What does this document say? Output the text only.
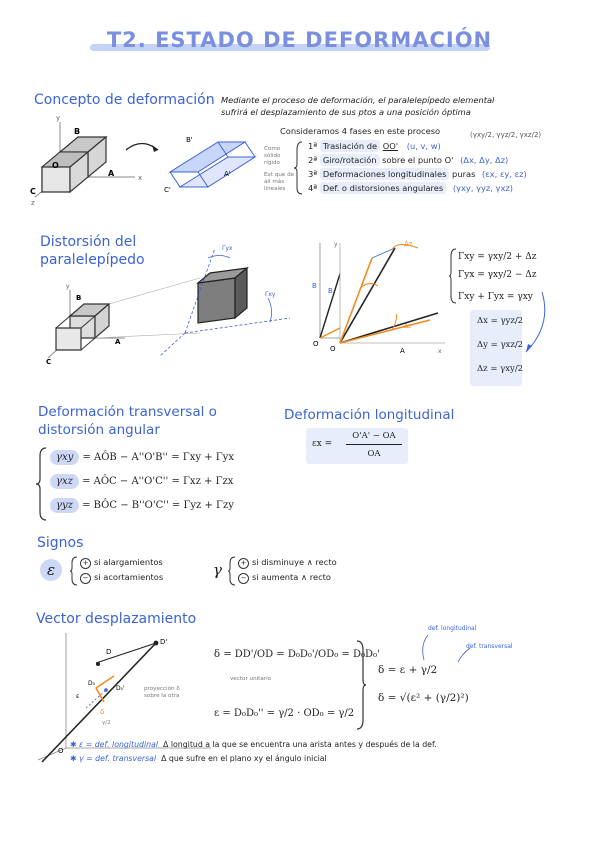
T2. ESTADO DE DEFORMACIÓN
Concepto de deformación Mediante el proceso de deformación, el paralelepípedo elemental
sufrirá el desplazamiento de sus ptos a una posición óptima
B
O
A
C
y
x
z
B'
A'
C'
Consideramos 4 fases en este proceso	(γxy/2, γyz/2, γxz/2)
Como sólido rígido
Ext que de all más lineales
1ª Traslación de OO' (u, v, w)
2ª Giro/rotación sobre el punto O' (Δx, Δy, Δz)
3ª Deformaciones longitudinales puras (εx, εy, εz)
4ª Def. o distorsiones angulares (γxy, γyz, γxz)
Distorsión del
paralelepípedo
B
A
C
y
Γxy
Γyx
O
B
Δz
Δz
A
O
B
y
x
Γxy = γxy/2 + Δz
Γyx = γxy/2 − Δz
Γxy + Γyx = γxy
Δx = γyz/2
Δy = γxz/2
Δz = γxy/2
Deformación transversal o
distorsión angular
γxy = AÔB − A''O'B'' = Γxy + Γyx
γxz = AÔC − A''O'C'' = Γxz + Γzx
γyz = BÔC − B''O'C'' = Γyz + Γzy
Deformación longitudinal
εx =
O'A' − OA
OA
Signos
ε	+ si alargamientos
− si acortamientos	γ	+ si disminuye ∧ recto
− si aumenta ∧ recto
Vector desplazamiento
D
D'
D₀
D₀'
δ
ε
γ/2
O
proyección δ sobre la otra
δ = DD'/OD = D₀D₀'/OD₀ = D₀D₀'
vector unitario
ε = D₀D₀'' = γ/2 · OD₀ = γ/2
def. longitudinal
def. transversal
δ = ε + γ/2
δ = √(ε² + (γ/2)²)
✱ ε = def. longitudinal Δ longitud a la que se encuentra una arista antes y después de la def.
✱ γ = def. transversal Δ que sufre en el plano xy el ángulo inicial
